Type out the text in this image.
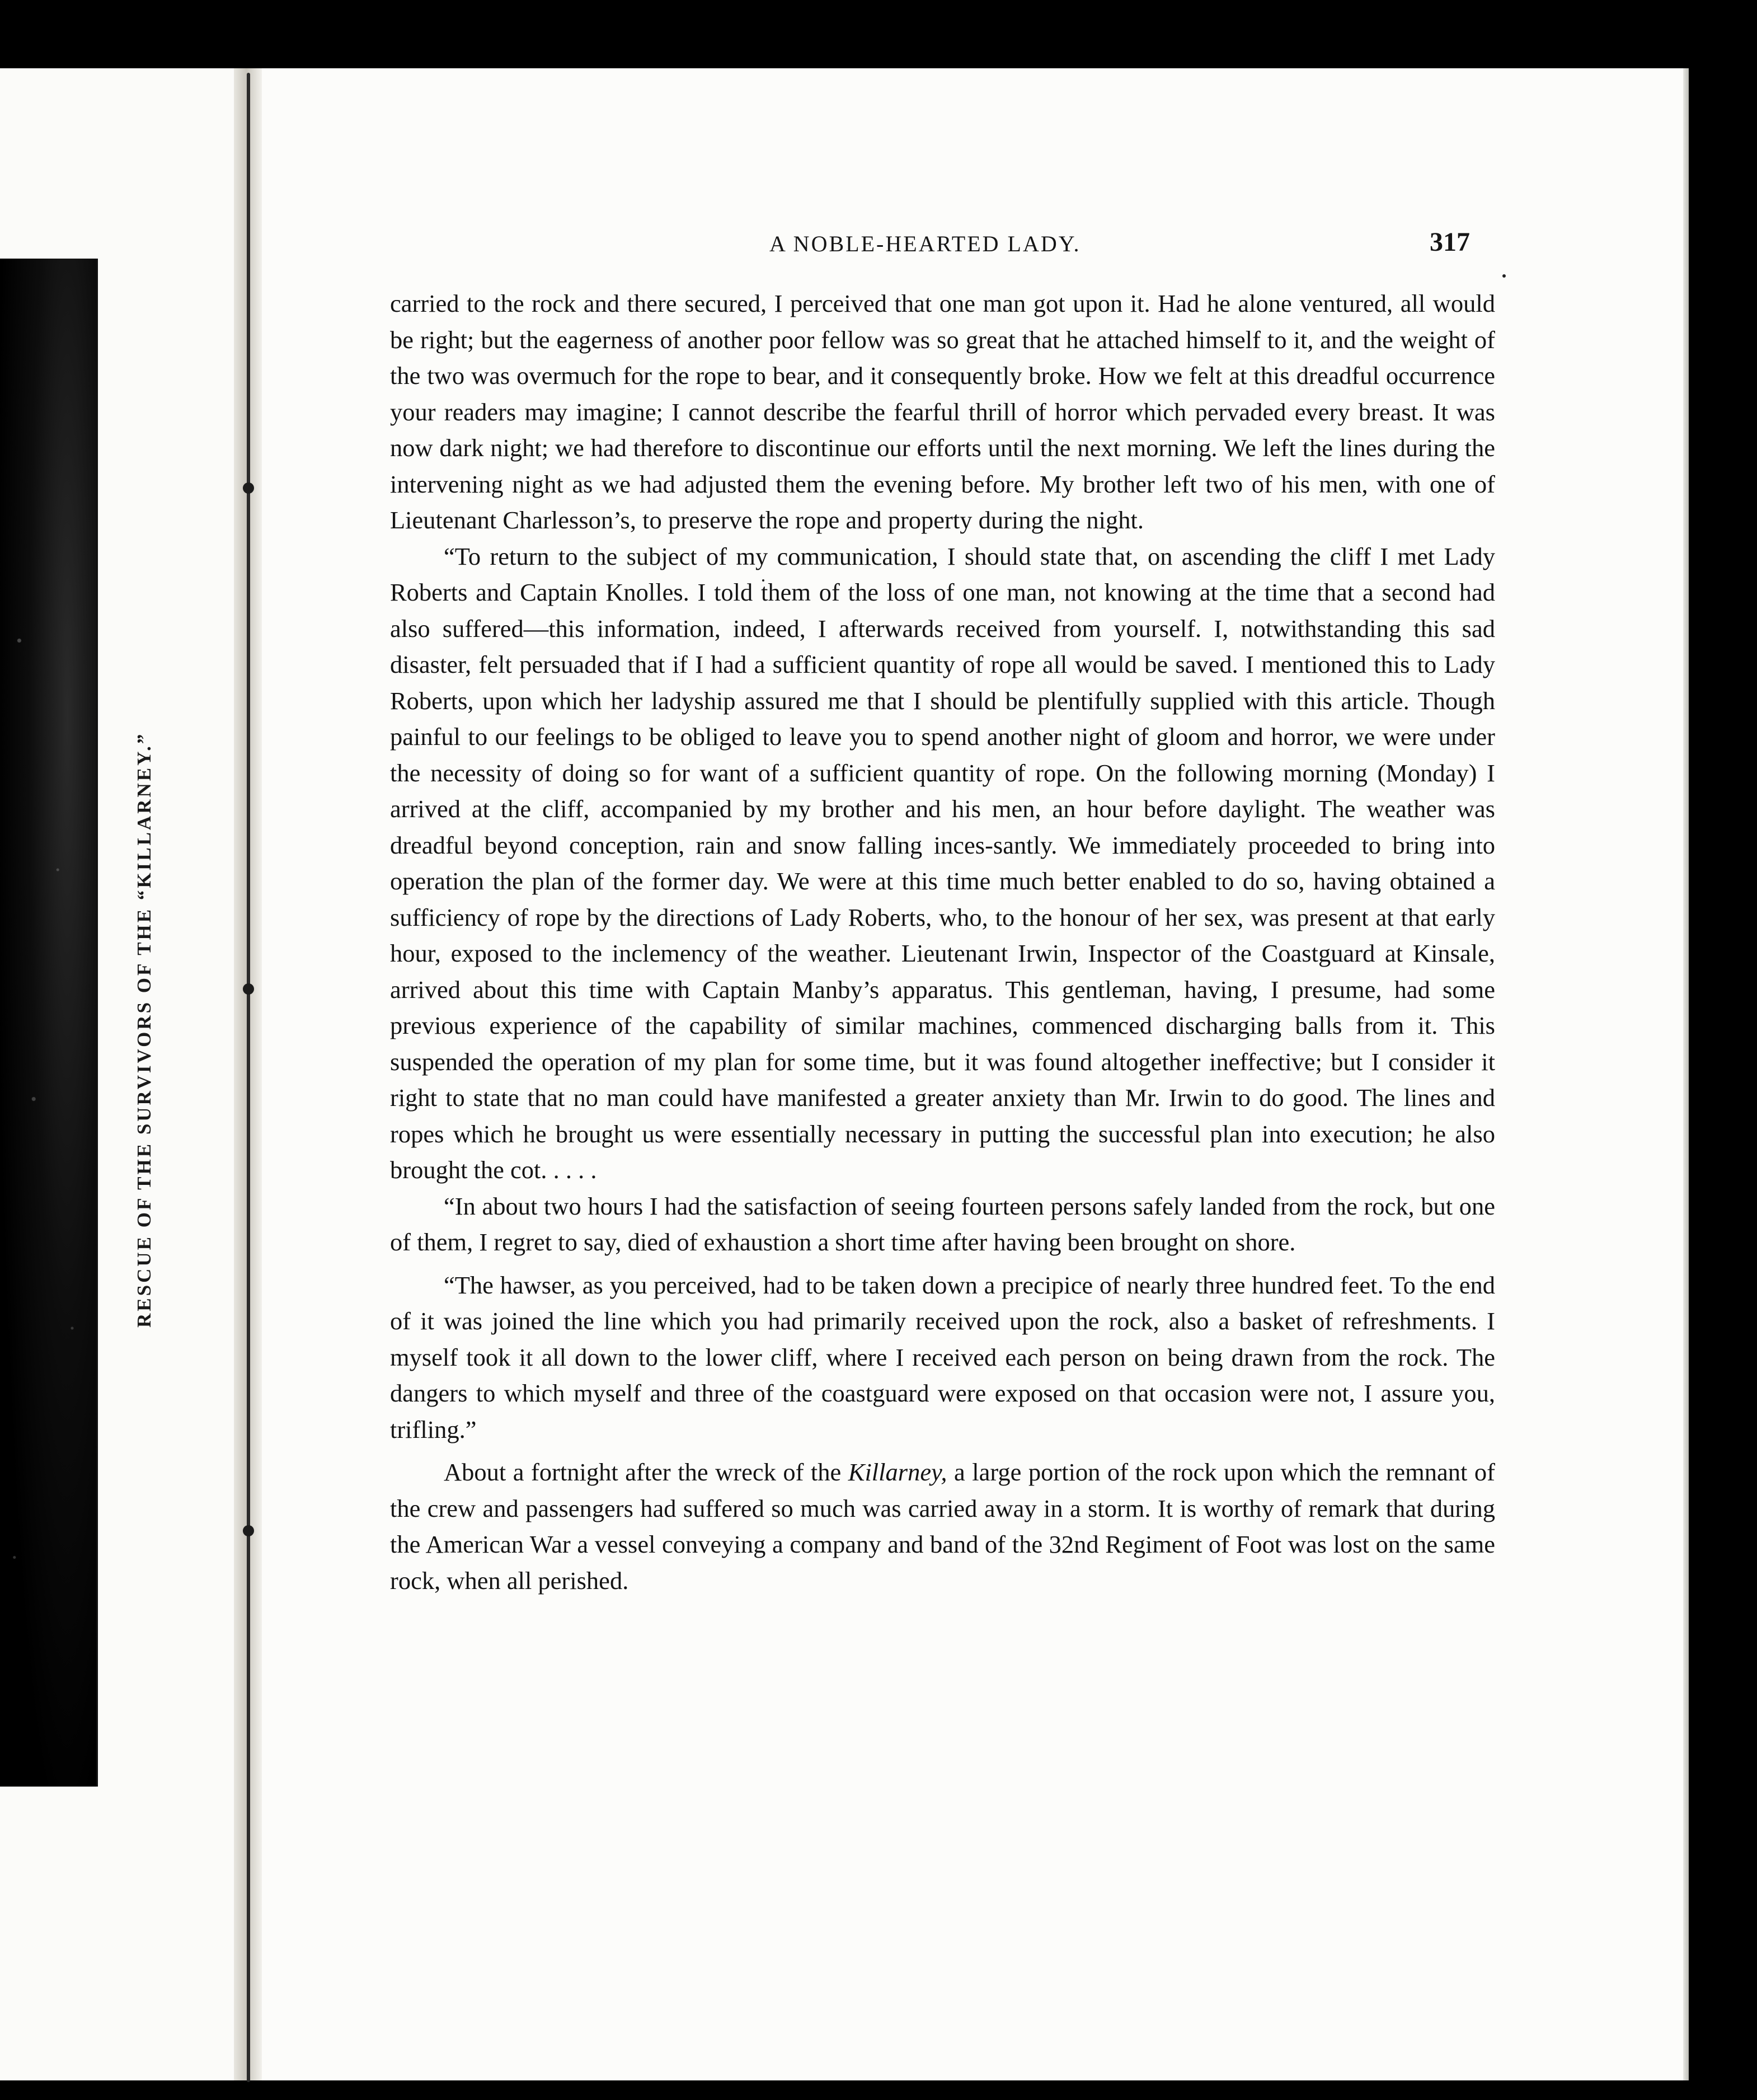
RESCUE OF THE SURVIVORS OF THE “KILLARNEY.”
A NOBLE-HEARTED LADY.	317

carried to the rock and there secured, I perceived that one man got upon it. Had he alone ventured, all would be right; but the eagerness of another poor fellow was so great that he attached himself to it, and the weight of the two was overmuch for the rope to bear, and it consequently broke. How we felt at this dreadful occurrence your readers may imagine; I cannot describe the fearful thrill of horror which pervaded every breast. It was now dark night; we had therefore to discontinue our efforts until the next morning. We left the lines during the intervening night as we had adjusted them the evening before. My brother left two of his men, with one of Lieutenant Charlesson’s, to preserve the rope and property during the night.

“To return to the subject of my communication, I should state that, on ascending the cliff I met Lady Roberts and Captain Knolles. I told them of the loss of one man, not knowing at the time that a second had also suffered—this information, indeed, I afterwards received from yourself. I, notwithstanding this sad disaster, felt persuaded that if I had a sufficient quantity of rope all would be saved. I mentioned this to Lady Roberts, upon which her ladyship assured me that I should be plentifully supplied with this article. Though painful to our feelings to be obliged to leave you to spend another night of gloom and horror, we were under the necessity of doing so for want of a sufficient quantity of rope. On the following morning (Monday) I arrived at the cliff, accompanied by my brother and his men, an hour before daylight. The weather was dreadful beyond conception, rain and snow falling inces-santly. We immediately proceeded to bring into operation the plan of the former day. We were at this time much better enabled to do so, having obtained a sufficiency of rope by the directions of Lady Roberts, who, to the honour of her sex, was present at that early hour, exposed to the inclemency of the weather. Lieutenant Irwin, Inspector of the Coastguard at Kinsale, arrived about this time with Captain Manby’s apparatus. This gentleman, having, I presume, had some previous experience of the capability of similar machines, commenced discharging balls from it. This suspended the operation of my plan for some time, but it was found altogether ineffective; but I consider it right to state that no man could have manifested a greater anxiety than Mr. Irwin to do good. The lines and ropes which he brought us were essentially necessary in putting the successful plan into execution; he also brought the cot. . . . .

“In about two hours I had the satisfaction of seeing fourteen persons safely landed from the rock, but one of them, I regret to say, died of exhaustion a short time after having been brought on shore.

“The hawser, as you perceived, had to be taken down a precipice of nearly three hundred feet. To the end of it was joined the line which you had primarily received upon the rock, also a basket of refreshments. I myself took it all down to the lower cliff, where I received each person on being drawn from the rock. The dangers to which myself and three of the coastguard were exposed on that occasion were not, I assure you, trifling.”

About a fortnight after the wreck of the Killarney, a large portion of the rock upon which the remnant of the crew and passengers had suffered so much was carried away in a storm. It is worthy of remark that during the American War a vessel conveying a company and band of the 32nd Regiment of Foot was lost on the same rock, when all perished.
